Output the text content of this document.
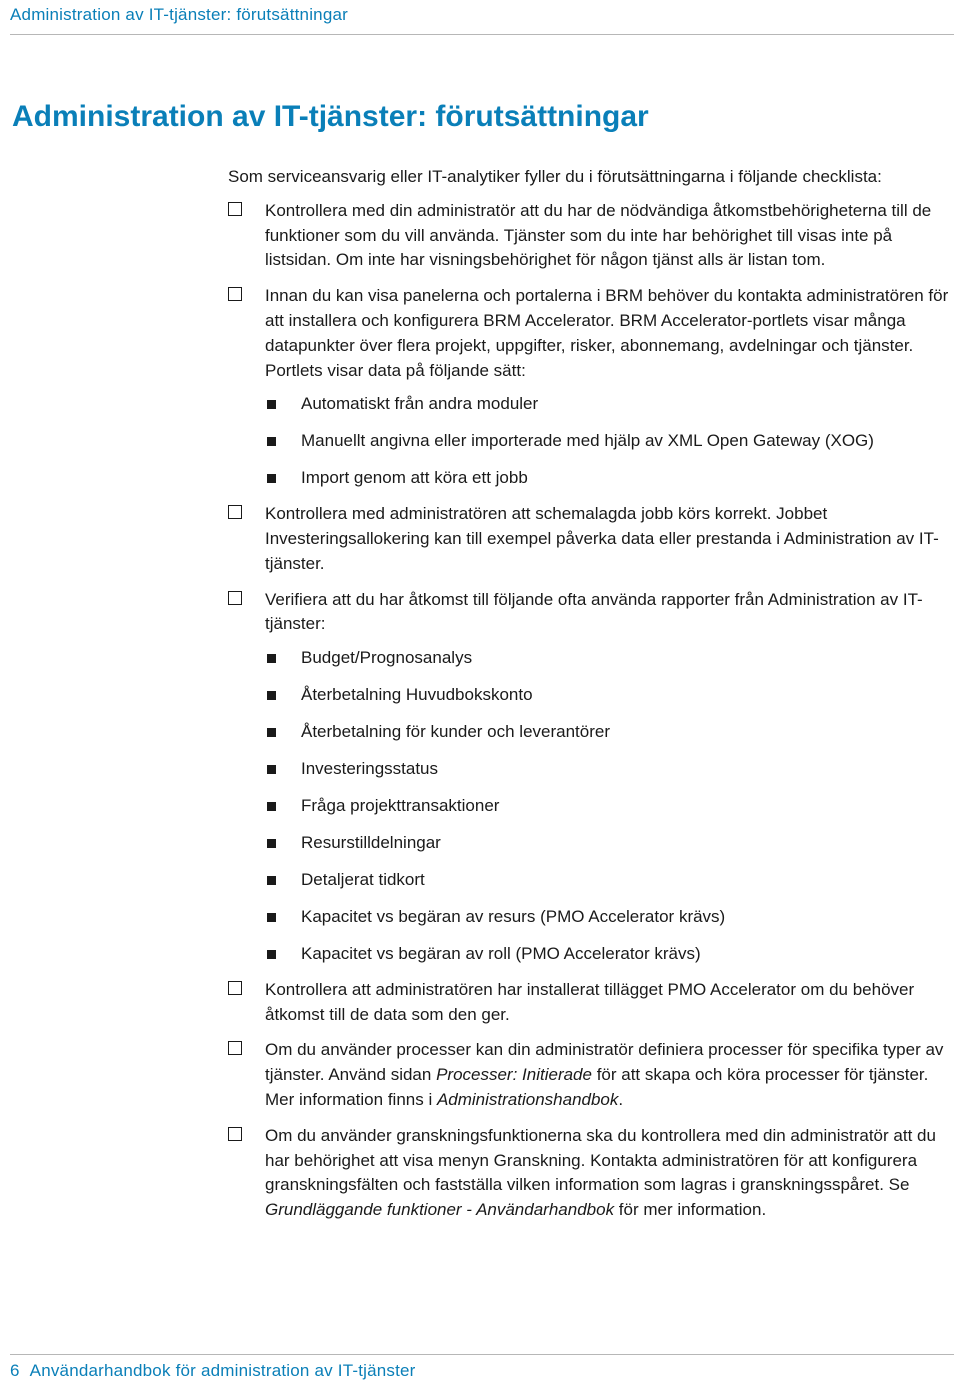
Administration av IT-tjänster: förutsättningar
Administration av IT-tjänster: förutsättningar

Som serviceansvarig eller IT-analytiker fyller du i förutsättningarna i följande checklista:

Kontrollera med din administratör att du har de nödvändiga åtkomstbehörigheterna till de funktioner som du vill använda. Tjänster som du inte har behörighet till visas inte på listsidan. Om inte har visningsbehörighet för någon tjänst alls är listan tom.
Innan du kan visa panelerna och portalerna i BRM behöver du kontakta administratören för att installera och konfigurera BRM Accelerator. BRM Accelerator-portlets visar många datapunkter över flera projekt, uppgifter, risker, abonnemang, avdelningar och tjänster. Portlets visar data på följande sätt:
Automatiskt från andra moduler
Manuellt angivna eller importerade med hjälp av XML Open Gateway (XOG)
Import genom att köra ett jobb
Kontrollera med administratören att schemalagda jobb körs korrekt. Jobbet Investeringsallokering kan till exempel påverka data eller prestanda i Administration av IT-tjänster.
Verifiera att du har åtkomst till följande ofta använda rapporter från Administration av IT-tjänster:
Budget/Prognosanalys
Återbetalning Huvudbokskonto
Återbetalning för kunder och leverantörer
Investeringsstatus
Fråga projekttransaktioner
Resurstilldelningar
Detaljerat tidkort
Kapacitet vs begäran av resurs (PMO Accelerator krävs)
Kapacitet vs begäran av roll (PMO Accelerator krävs)
Kontrollera att administratören har installerat tillägget PMO Accelerator om du behöver åtkomst till de data som den ger.
Om du använder processer kan din administratör definiera processer för specifika typer av tjänster. Använd sidan Processer: Initierade för att skapa och köra processer för tjänster. Mer information finns i Administrationshandbok.
Om du använder granskningsfunktionerna ska du kontrollera med din administratör att du har behörighet att visa menyn Granskning. Kontakta administratören för att konfigurera granskningsfälten och fastställa vilken information som lagras i granskningsspåret. Se Grundläggande funktioner - Användarhandbok för mer information.
6 Användarhandbok för administration av IT-tjänster
